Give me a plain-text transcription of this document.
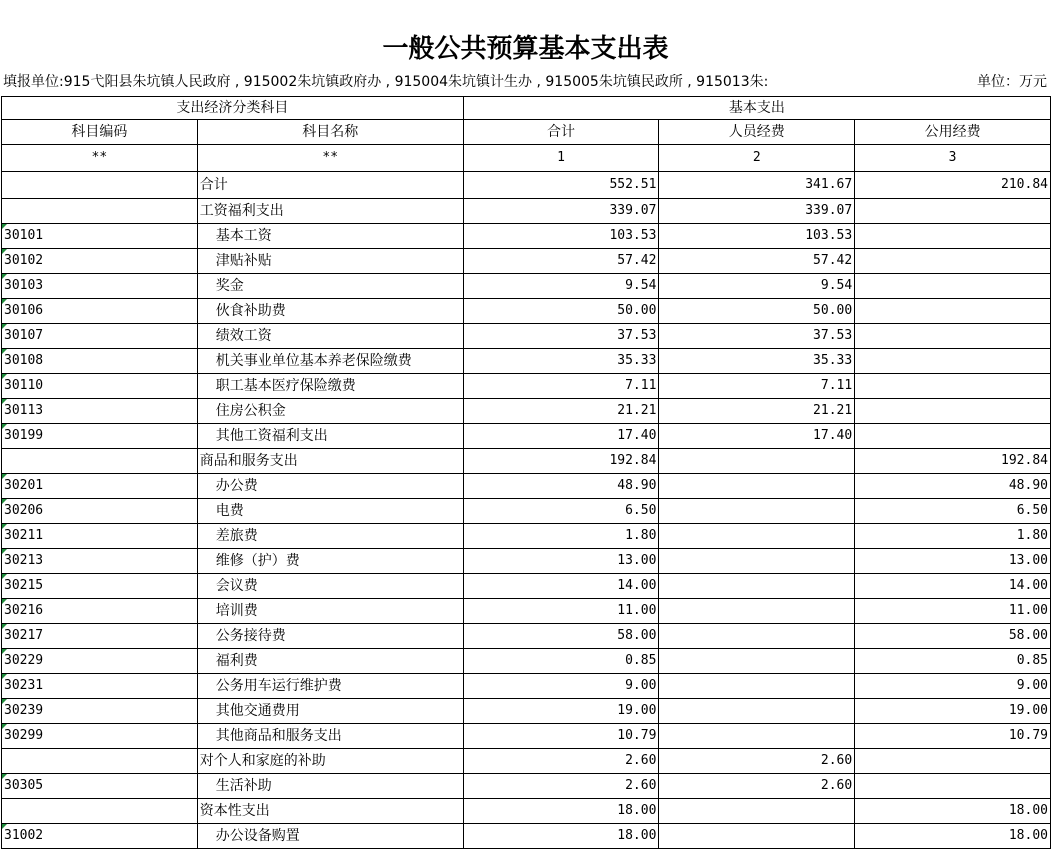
一般公共预算基本支出表
填报单位:915弋阳县朱坑镇人民政府 , 915002朱坑镇政府办 , 915004朱坑镇计生办 , 915005朱坑镇民政所 , 915013朱:	单位：万元
支出经济分类科目		基本支出		
科目编码	科目名称	合计	人员经费	公用经费
**	**	1	2	3
	合计	552.51	341.67	210.84
	工资福利支出	339.07	339.07	
30101	基本工资	103.53	103.53	
30102	津贴补贴	57.42	57.42	
30103	奖金	9.54	9.54	
30106	伙食补助费	50.00	50.00	
30107	绩效工资	37.53	37.53	
30108	机关事业单位基本养老保险缴费	35.33	35.33	
30110	职工基本医疗保险缴费	7.11	7.11	
30113	住房公积金	21.21	21.21	
30199	其他工资福利支出	17.40	17.40	
	商品和服务支出	192.84		192.84
30201	办公费	48.90		48.90
30206	电费	6.50		6.50
30211	差旅费	1.80		1.80
30213	维修（护）费	13.00		13.00
30215	会议费	14.00		14.00
30216	培训费	11.00		11.00
30217	公务接待费	58.00		58.00
30229	福利费	0.85		0.85
30231	公务用车运行维护费	9.00		9.00
30239	其他交通费用	19.00		19.00
30299	其他商品和服务支出	10.79		10.79
	对个人和家庭的补助	2.60	2.60	
30305	生活补助	2.60	2.60	
	资本性支出	18.00		18.00
31002	办公设备购置	18.00		18.00
